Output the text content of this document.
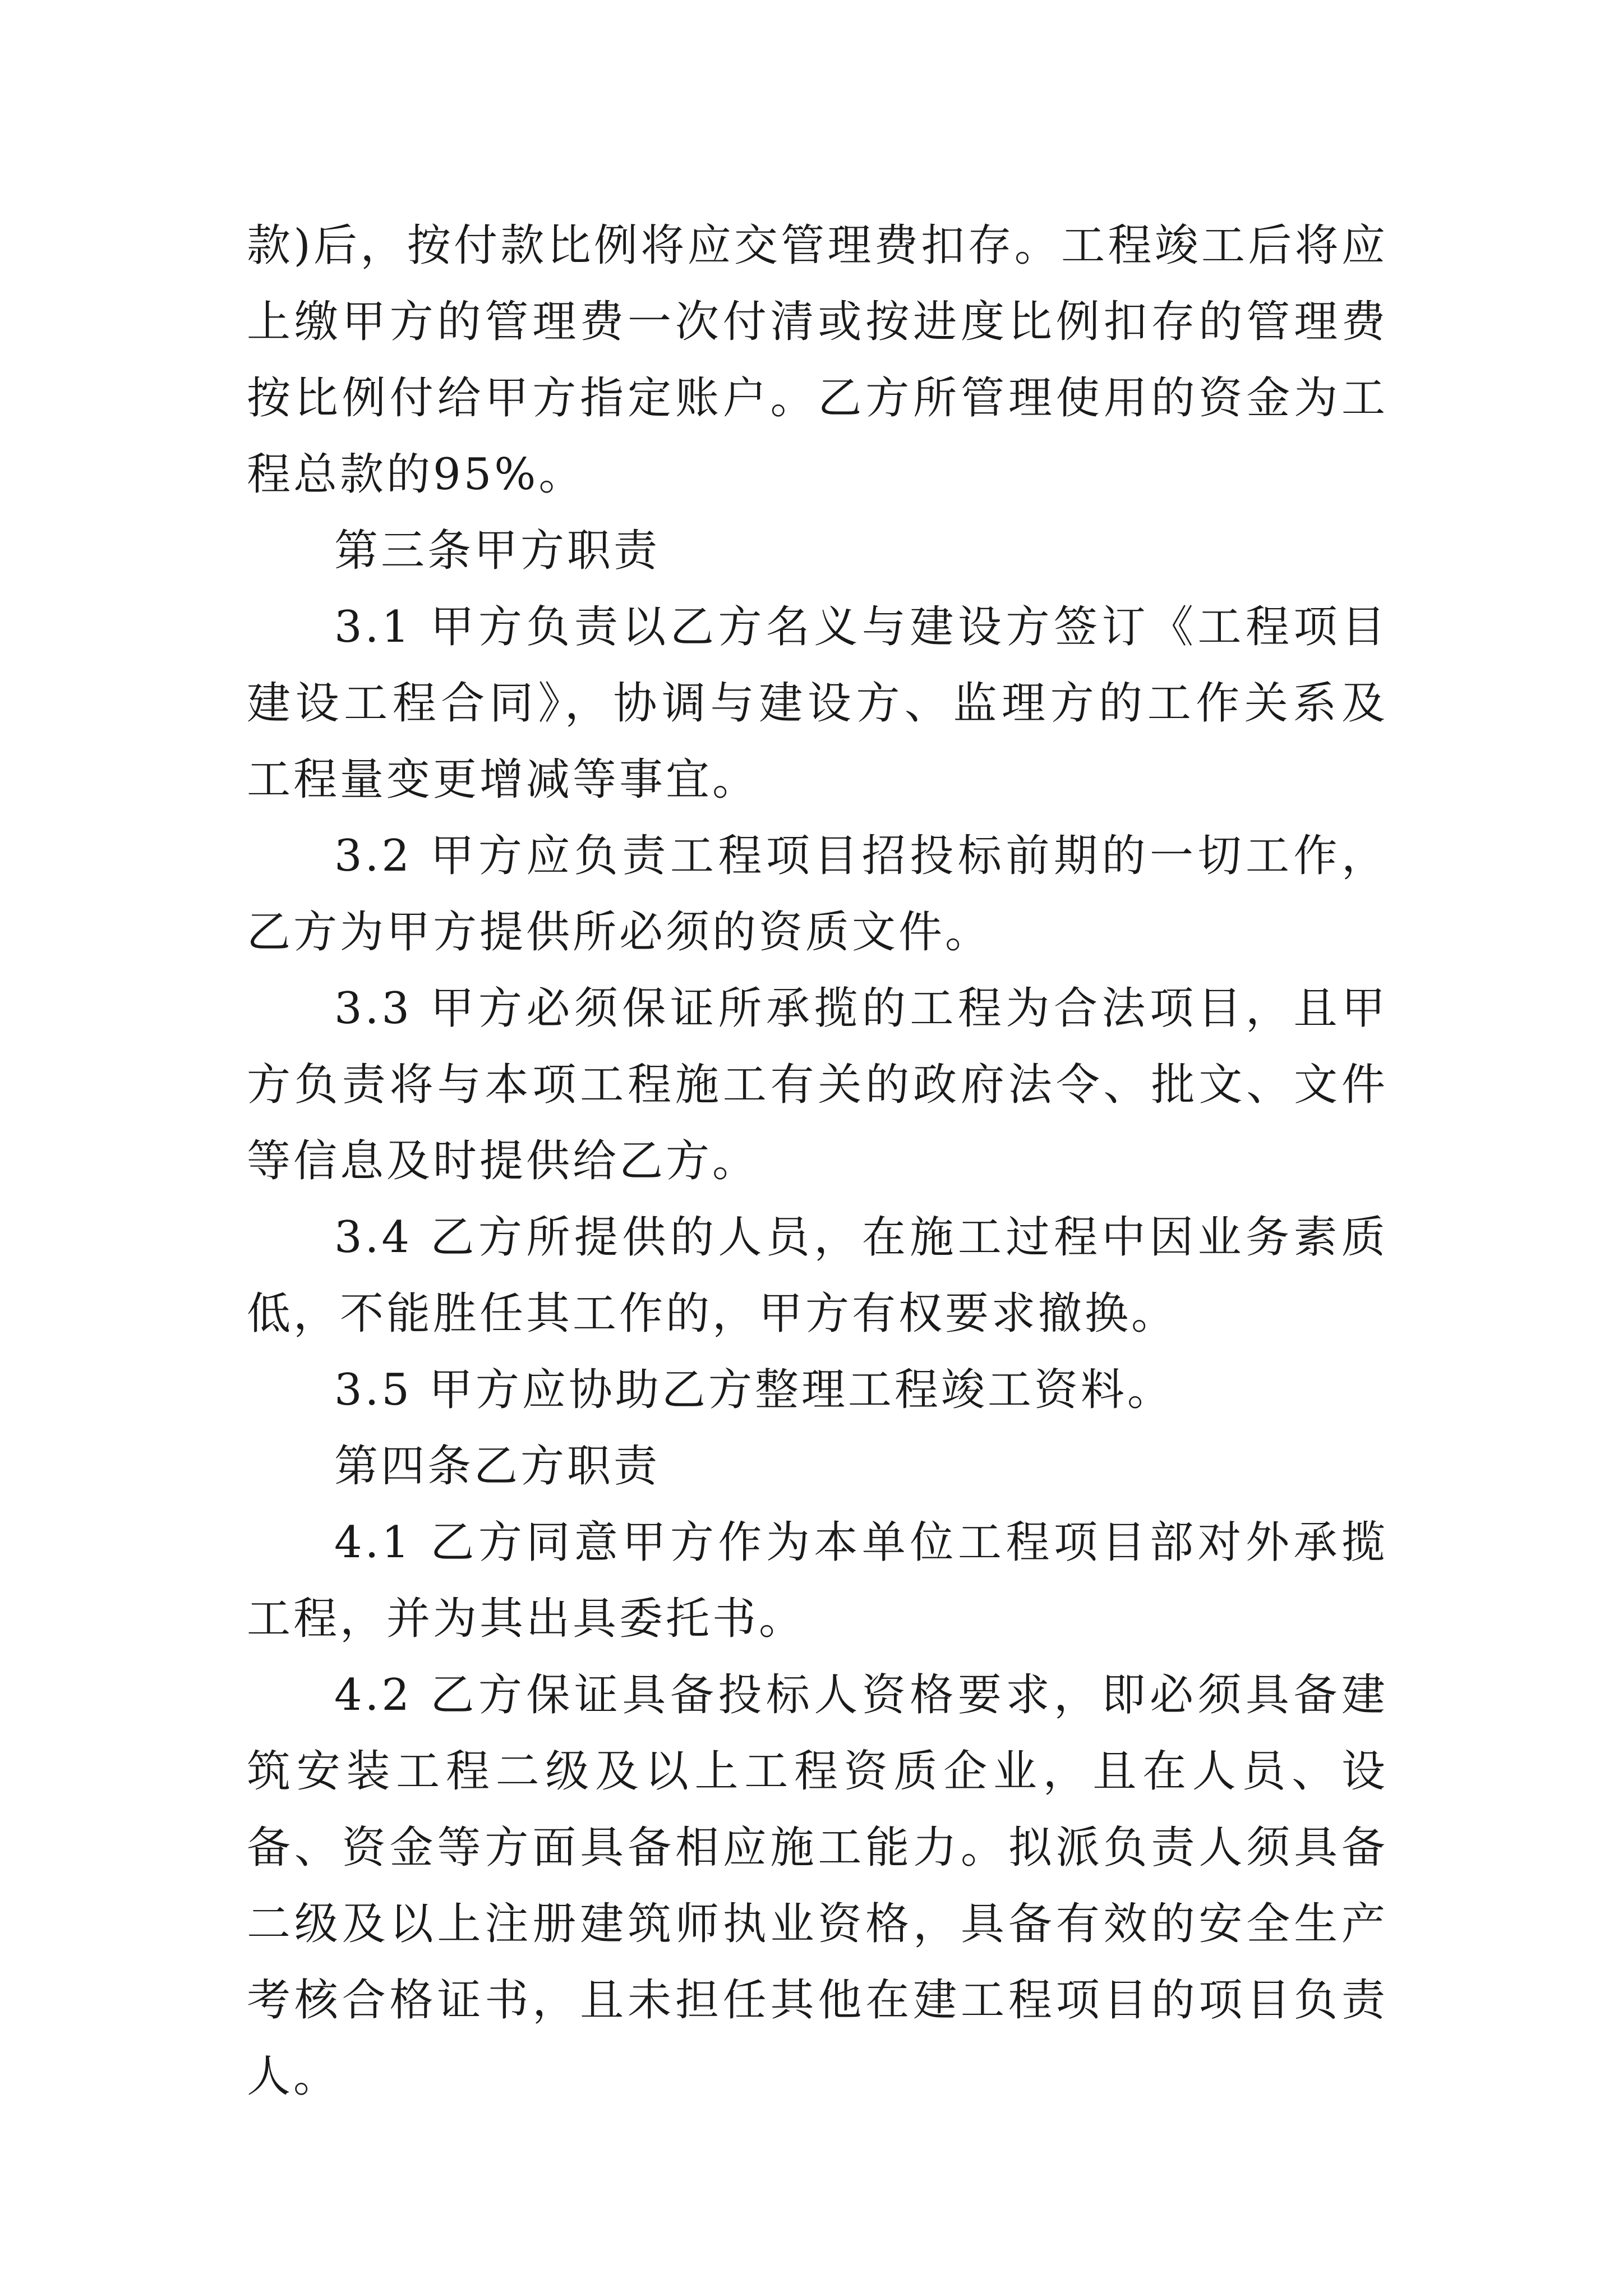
款)后，按付款比例将应交管理费扣存。工程竣工后将应上缴甲方的管理费一次付清或按进度比例扣存的管理费按比例付给甲方指定账户。乙方所管理使用的资金为工程总款的95%。

第三条甲方职责

3.1 甲方负责以乙方名义与建设方签订《工程项目建设工程合同》，协调与建设方、监理方的工作关系及工程量变更增减等事宜。

3.2 甲方应负责工程项目招投标前期的一切工作，乙方为甲方提供所必须的资质文件。

3.3 甲方必须保证所承揽的工程为合法项目，且甲方负责将与本项工程施工有关的政府法令、批文、文件等信息及时提供给乙方。

3.4 乙方所提供的人员，在施工过程中因业务素质低，不能胜任其工作的，甲方有权要求撤换。

3.5 甲方应协助乙方整理工程竣工资料。

第四条乙方职责

4.1 乙方同意甲方作为本单位工程项目部对外承揽工程，并为其出具委托书。

4.2 乙方保证具备投标人资格要求，即必须具备建筑安装工程二级及以上工程资质企业，且在人员、设备、资金等方面具备相应施工能力。拟派负责人须具备二级及以上注册建筑师执业资格，具备有效的安全生产考核合格证书，且未担任其他在建工程项目的项目负责人。
